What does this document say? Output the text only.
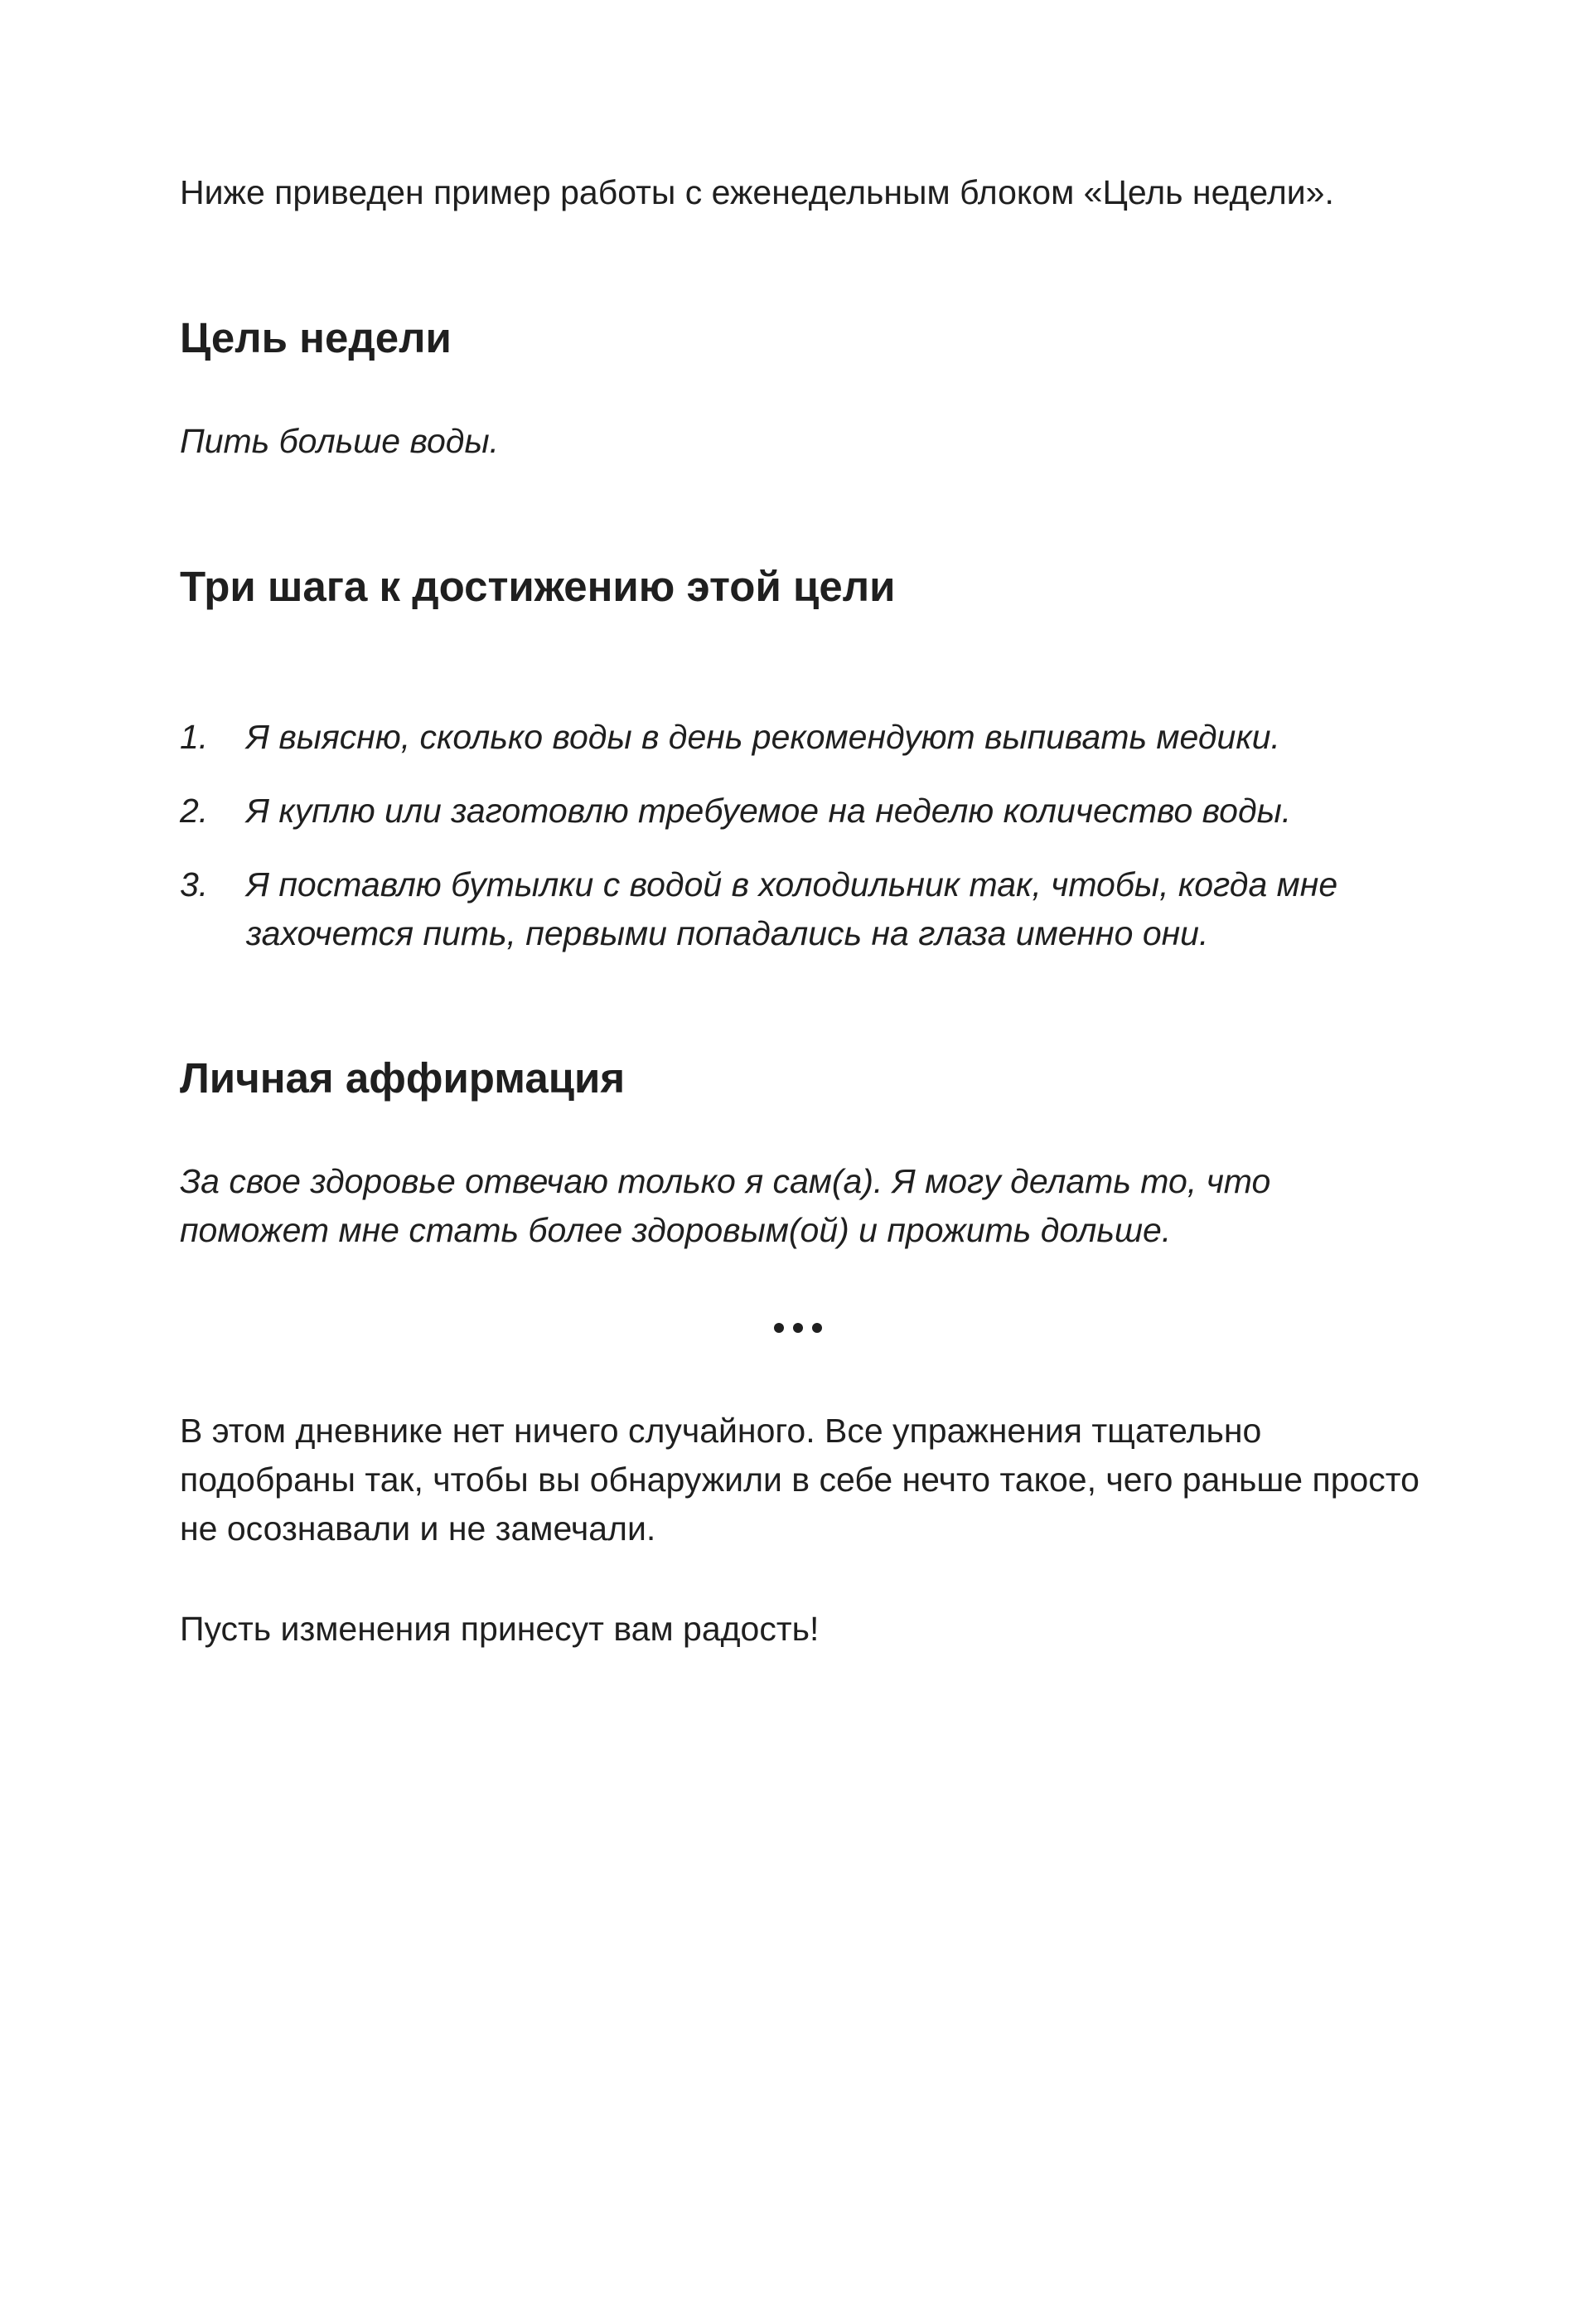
Ниже приведен пример работы с еженедельным блоком «Цель недели».

Цель недели

Пить больше воды.

Три шага к достижению этой цели
1. Я выясню, сколько воды в день рекомендуют выпивать медики.
2. Я куплю или заготовлю требуемое на неделю количество воды.
3. Я поставлю бутылки с водой в холодильник так, чтобы, когда мне захочется пить, первыми попадались на глаза именно они.
Личная аффирмация

За свое здоровье отвечаю только я сам(а). Я могу делать то, что поможет мне стать более здоровым(ой) и прожить дольше.

В этом дневнике нет ничего случайного. Все упражнения тщательно подобраны так, чтобы вы обнаружили в себе нечто такое, чего раньше просто не осознавали и не замечали.

Пусть изменения принесут вам радость!
